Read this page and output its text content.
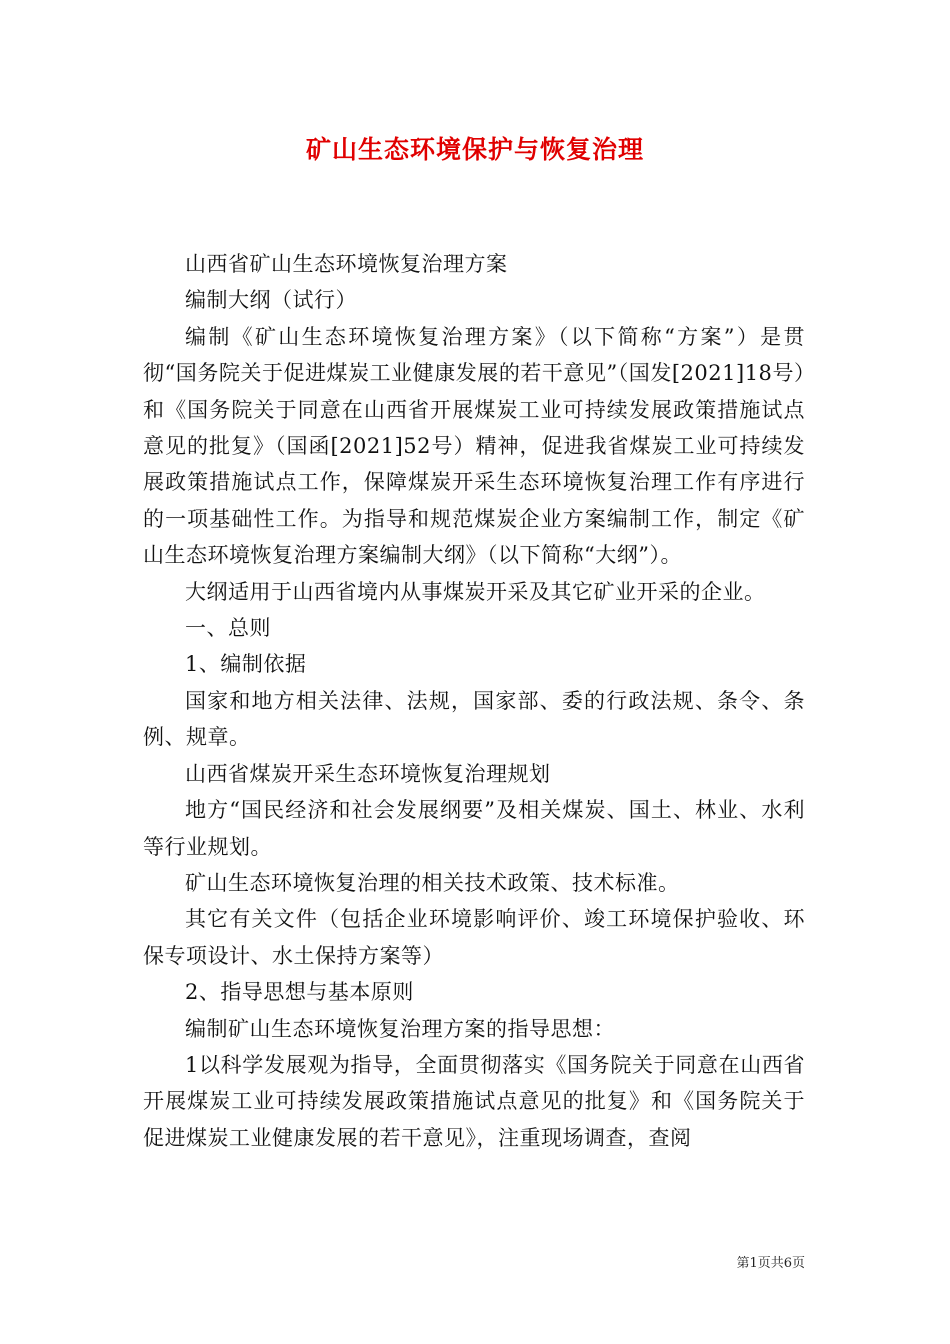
矿山生态环境保护与恢复治理

山西省矿山生态环境恢复治理方案

编制大纲（试行）

编制《矿山生态环境恢复治理方案》（以下简称“方案”）是贯彻“国务院关于促进煤炭工业健康发展的若干意见”（国发[2021]18号）和《国务院关于同意在山西省开展煤炭工业可持续发展政策措施试点意见的批复》（国函[2021]52号）精神，促进我省煤炭工业可持续发展政策措施试点工作，保障煤炭开采生态环境恢复治理工作有序进行的一项基础性工作。为指导和规范煤炭企业方案编制工作，制定《矿山生态环境恢复治理方案编制大纲》（以下简称“大纲”）。

大纲适用于山西省境内从事煤炭开采及其它矿业开采的企业。

一、总则

1、编制依据

国家和地方相关法律、法规，国家部、委的行政法规、条令、条例、规章。

山西省煤炭开采生态环境恢复治理规划

地方“国民经济和社会发展纲要”及相关煤炭、国土、林业、水利等行业规划。

矿山生态环境恢复治理的相关技术政策、技术标准。

其它有关文件（包括企业环境影响评价、竣工环境保护验收、环保专项设计、水土保持方案等）

2、指导思想与基本原则

编制矿山生态环境恢复治理方案的指导思想：

1以科学发展观为指导，全面贯彻落实《国务院关于同意在山西省开展煤炭工业可持续发展政策措施试点意见的批复》和《国务院关于促进煤炭工业健康发展的若干意见》，注重现场调查，查阅

第1页共6页
